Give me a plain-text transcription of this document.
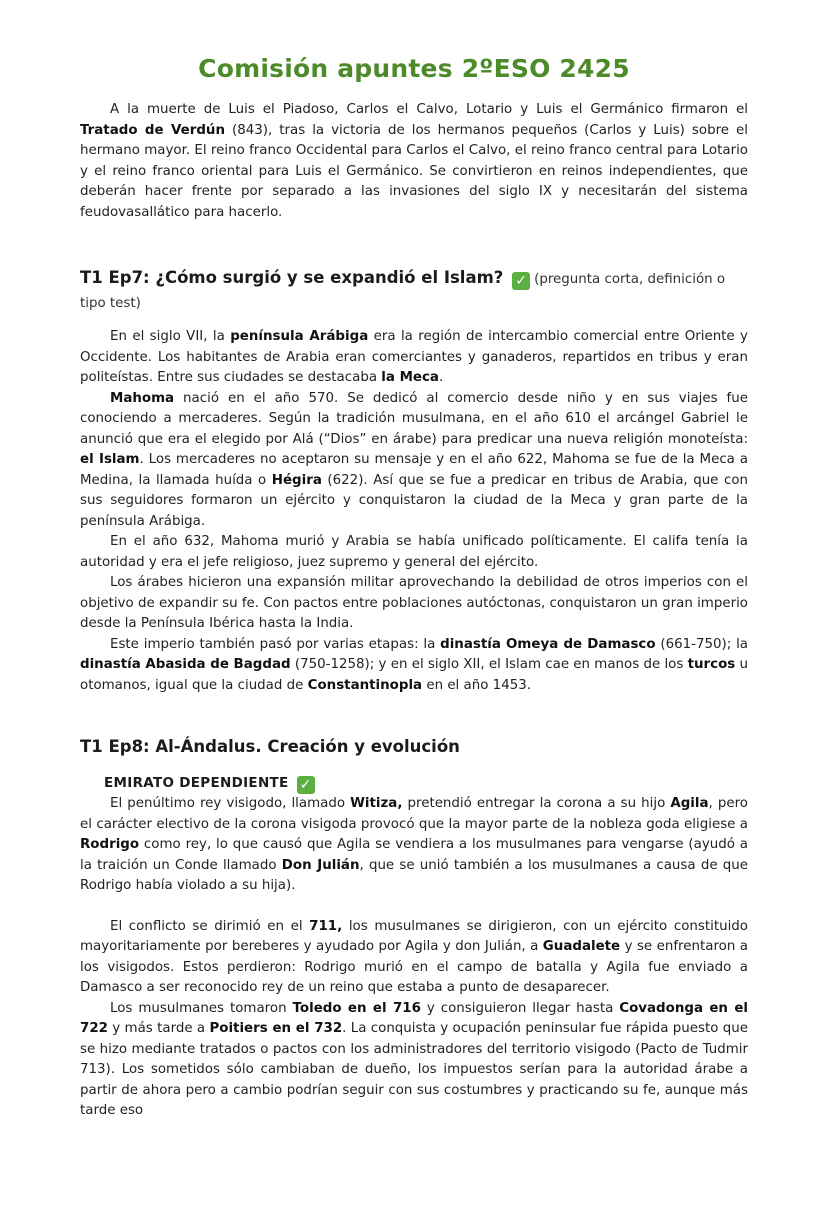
Comisión apuntes 2ºESO 2425

A la muerte de Luis el Piadoso, Carlos el Calvo, Lotario y Luis el Germánico firmaron el Tratado de Verdún (843), tras la victoria de los hermanos pequeños (Carlos y Luis) sobre el hermano mayor. El reino franco Occidental para Carlos el Calvo, el reino franco central para Lotario y el reino franco oriental para Luis el Germánico. Se convirtieron en reinos independientes, que deberán hacer frente por separado a las invasiones del siglo IX y necesitarán del sistema feudovasallático para hacerlo.

T1 Ep7: ¿Cómo surgió y se expandió el Islam? ✓ (pregunta corta, definición o tipo test)

En el siglo VII, la península Arábiga era la región de intercambio comercial entre Oriente y Occidente. Los habitantes de Arabia eran comerciantes y ganaderos, repartidos en tribus y eran politeístas. Entre sus ciudades se destacaba la Meca.

Mahoma nació en el año 570. Se dedicó al comercio desde niño y en sus viajes fue conociendo a mercaderes. Según la tradición musulmana, en el año 610 el arcángel Gabriel le anunció que era el elegido por Alá (“Dios” en árabe) para predicar una nueva religión monoteísta: el Islam. Los mercaderes no aceptaron su mensaje y en el año 622, Mahoma se fue de la Meca a Medina, la llamada huída o Hégira (622). Así que se fue a predicar en tribus de Arabia, que con sus seguidores formaron un ejército y conquistaron la ciudad de la Meca y gran parte de la península Arábiga.

En el año 632, Mahoma murió y Arabia se había unificado políticamente. El califa tenía la autoridad y era el jefe religioso, juez supremo y general del ejército.

Los árabes hicieron una expansión militar aprovechando la debilidad de otros imperios con el objetivo de expandir su fe. Con pactos entre poblaciones autóctonas, conquistaron un gran imperio desde la Península Ibérica hasta la India.

Este imperio también pasó por varias etapas: la dinastía Omeya de Damasco (661-750); la dinastía Abasida de Bagdad (750-1258); y en el siglo XII, el Islam cae en manos de los turcos u otomanos, igual que la ciudad de Constantinopla en el año 1453.

T1 Ep8: Al-Ándalus. Creación y evolución
EMIRATO DEPENDIENTE ✓

El penúltimo rey visigodo, llamado Witiza, pretendió entregar la corona a su hijo Agila, pero el carácter electivo de la corona visigoda provocó que la mayor parte de la nobleza goda eligiese a Rodrigo como rey, lo que causó que Agila se vendiera a los musulmanes para vengarse (ayudó a la traición un Conde llamado Don Julián, que se unió también a los musulmanes a causa de que Rodrigo había violado a su hija).

El conflicto se dirimió en el 711, los musulmanes se dirigieron, con un ejército constituido mayoritariamente por bereberes y ayudado por Agila y don Julián, a Guadalete y se enfrentaron a los visigodos. Estos perdieron: Rodrigo murió en el campo de batalla y Agila fue enviado a Damasco a ser reconocido rey de un reino que estaba a punto de desaparecer.

Los musulmanes tomaron Toledo en el 716 y consiguieron llegar hasta Covadonga en el 722 y más tarde a Poitiers en el 732. La conquista y ocupación peninsular fue rápida puesto que se hizo mediante tratados o pactos con los administradores del territorio visigodo (Pacto de Tudmir 713). Los sometidos sólo cambiaban de dueño, los impuestos serían para la autoridad árabe a partir de ahora pero a cambio podrían seguir con sus costumbres y practicando su fe, aunque más tarde eso
